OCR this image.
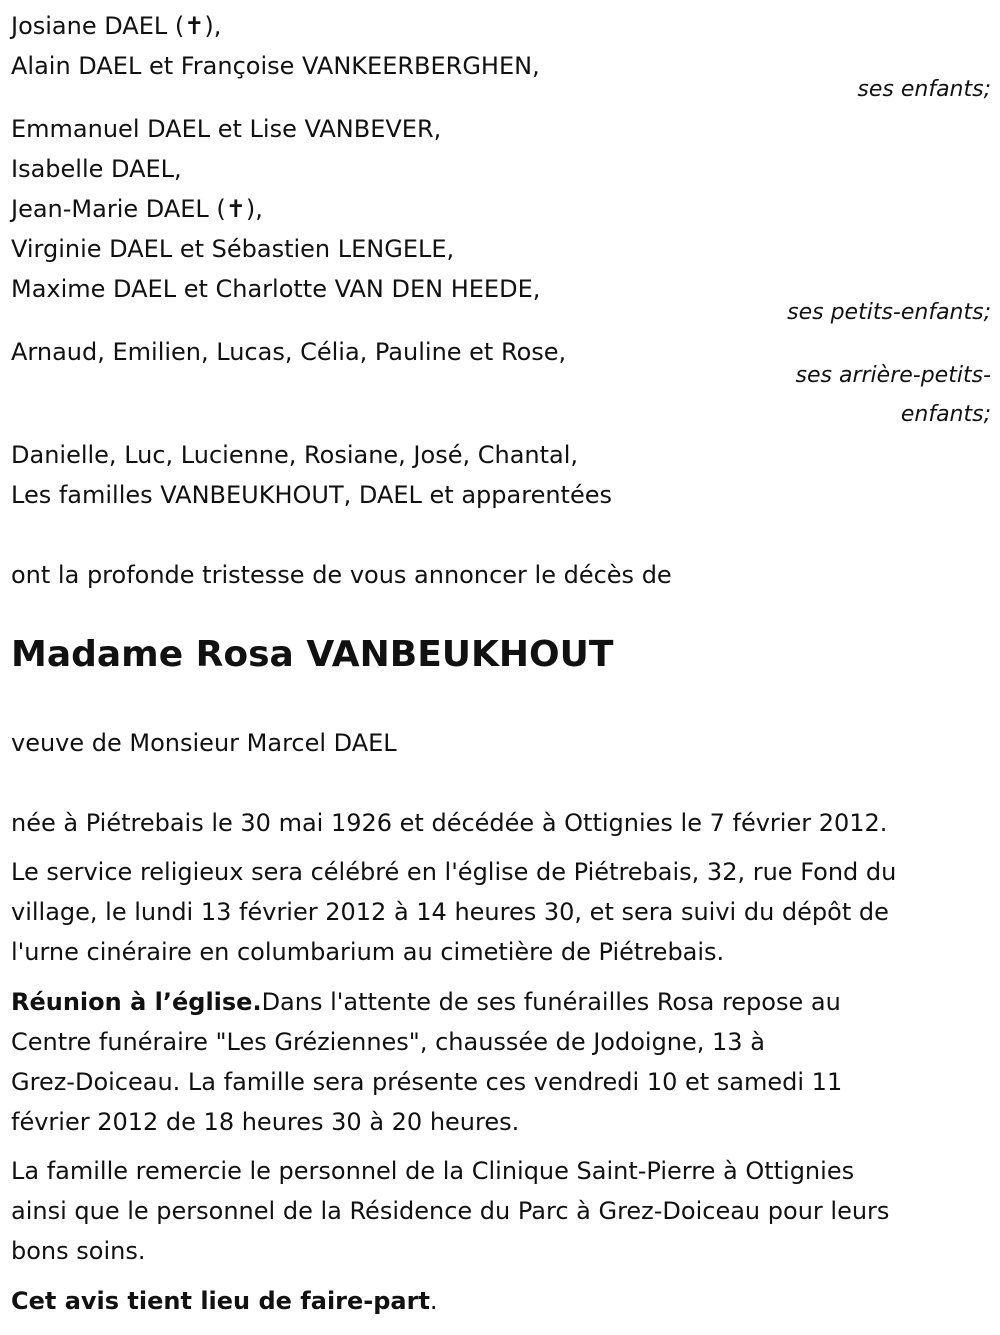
Josiane DAEL (✝),
Alain DAEL et Françoise VANKEERBERGHEN,
ses enfants;
Emmanuel DAEL et Lise VANBEVER,
Isabelle DAEL,
Jean-Marie DAEL (✝),
Virginie DAEL et Sébastien LENGELE,
Maxime DAEL et Charlotte VAN DEN HEEDE,
ses petits-enfants;
Arnaud, Emilien, Lucas, Célia, Pauline et Rose,
ses arrière-petits-
enfants;
Danielle, Luc, Lucienne, Rosiane, José, Chantal,
Les familles VANBEUKHOUT, DAEL et apparentées
ont la profonde tristesse de vous annoncer le décès de
Madame Rosa VANBEUKHOUT
veuve de Monsieur Marcel DAEL
née à Piétrebais le 30 mai 1926 et décédée à Ottignies le 7 février 2012.
Le service religieux sera célébré en l'église de Piétrebais, 32, rue Fond du
village, le lundi 13 février 2012 à 14 heures 30, et sera suivi du dépôt de
l'urne cinéraire en columbarium au cimetière de Piétrebais.
Réunion à l’église.Dans l'attente de ses funérailles Rosa repose au
Centre funéraire "Les Gréziennes", chaussée de Jodoigne, 13 à
Grez-Doiceau. La famille sera présente ces vendredi 10 et samedi 11
février 2012 de 18 heures 30 à 20 heures.
La famille remercie le personnel de la Clinique Saint-Pierre à Ottignies
ainsi que le personnel de la Résidence du Parc à Grez-Doiceau pour leurs
bons soins.
Cet avis tient lieu de faire-part.
